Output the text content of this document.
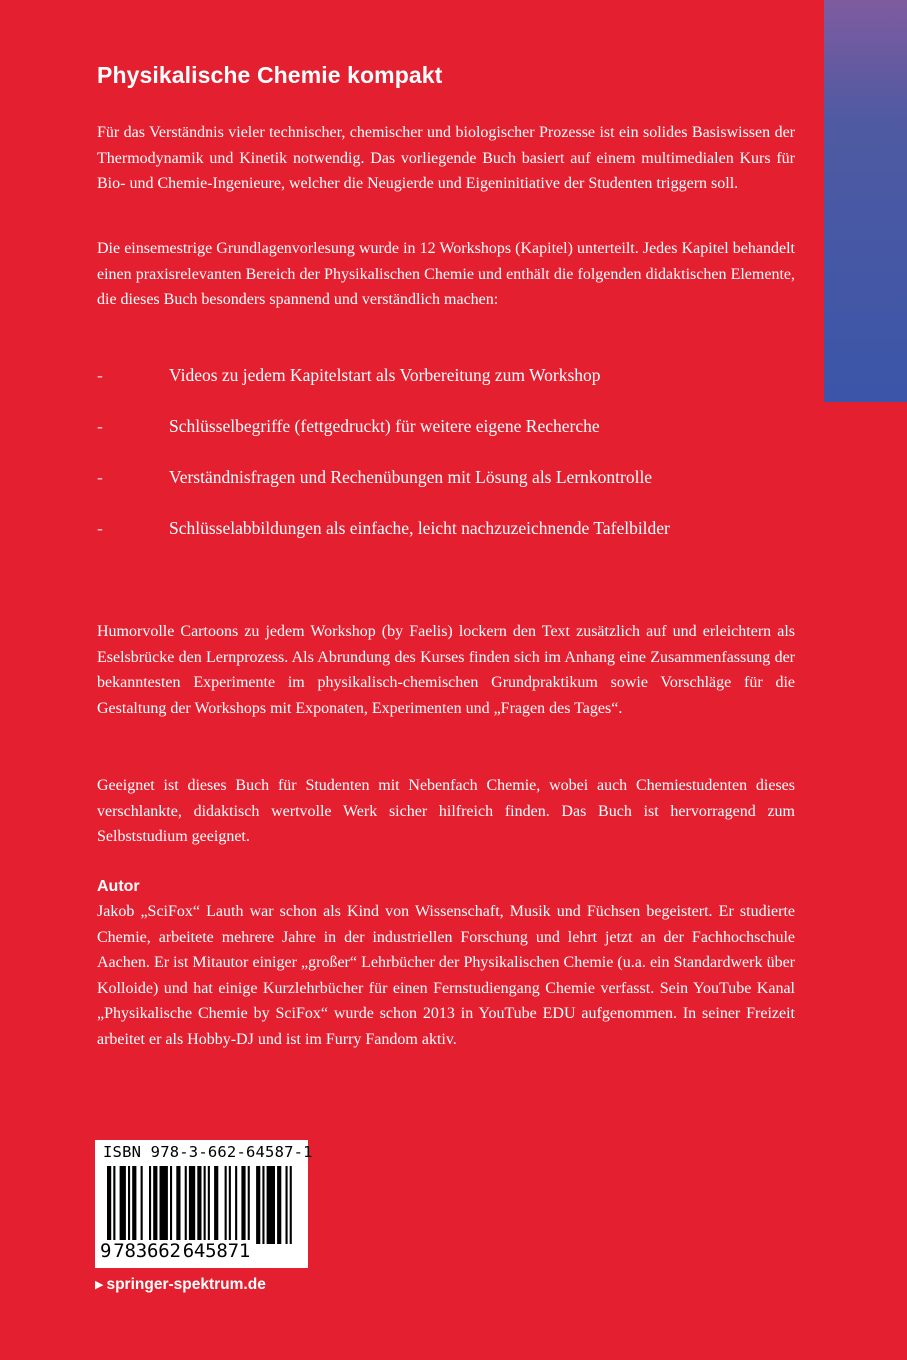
Physikalische Chemie kompakt

Für das Verständnis vieler technischer, chemischer und biologischer Prozesse ist ein solides Basiswissen der Thermodynamik und Kinetik notwendig. Das vorliegende Buch basiert auf einem multimedialen Kurs für Bio- und Chemie-Ingenieure, welcher die Neugierde und Eigeninitiative der Studenten triggern soll.

Die einsemestrige Grundlagenvorlesung wurde in 12 Workshops (Kapitel) unterteilt. Jedes Kapitel behandelt einen praxisrelevanten Bereich der Physikalischen Chemie und enthält die folgenden didaktischen Elemente, die dieses Buch besonders spannend und verständlich machen:

-	Videos zu jedem Kapitelstart als Vorbereitung zum Workshop
-	Schlüsselbegriffe (fettgedruckt) für weitere eigene Recherche
-	Verständnisfragen und Rechenübungen mit Lösung als Lernkontrolle
-	Schlüsselabbildungen als einfache, leicht nachzuzeichnende Tafelbilder

Humorvolle Cartoons zu jedem Workshop (by Faelis) lockern den Text zusätzlich auf und erleichtern als Eselsbrücke den Lernprozess. Als Abrundung des Kurses finden sich im Anhang eine Zusammenfassung der bekanntesten Experimente im physikalisch-chemischen Grundpraktikum sowie Vorschläge für die Gestaltung der Workshops mit Exponaten, Experimenten und „Fragen des Tages“.

Geeignet ist dieses Buch für Studenten mit Nebenfach Chemie, wobei auch Chemiestudenten dieses verschlankte, didaktisch wertvolle Werk sicher hilfreich finden. Das Buch ist hervorragend zum Selbststudium geeignet.

Autor

Jakob „SciFox“ Lauth war schon als Kind von Wissenschaft, Musik und Füchsen begeistert. Er studierte Chemie, arbeitete mehrere Jahre in der industriellen Forschung und lehrt jetzt an der Fachhochschule Aachen. Er ist Mitautor einiger „großer“ Lehrbücher der Physikalischen Chemie (u.a. ein Standardwerk über Kolloide) und hat einige Kurzlehrbücher für einen Fernstudiengang Chemie verfasst. Sein YouTube Kanal „Physikalische Chemie by SciFox“ wurde schon 2013 in YouTube EDU aufgenommen. In seiner Freizeit arbeitet er als Hobby-DJ und ist im Furry Fandom aktiv.

ISBN 978-3-662-64587-1
9 783662 645871
▶ springer-spektrum.de
